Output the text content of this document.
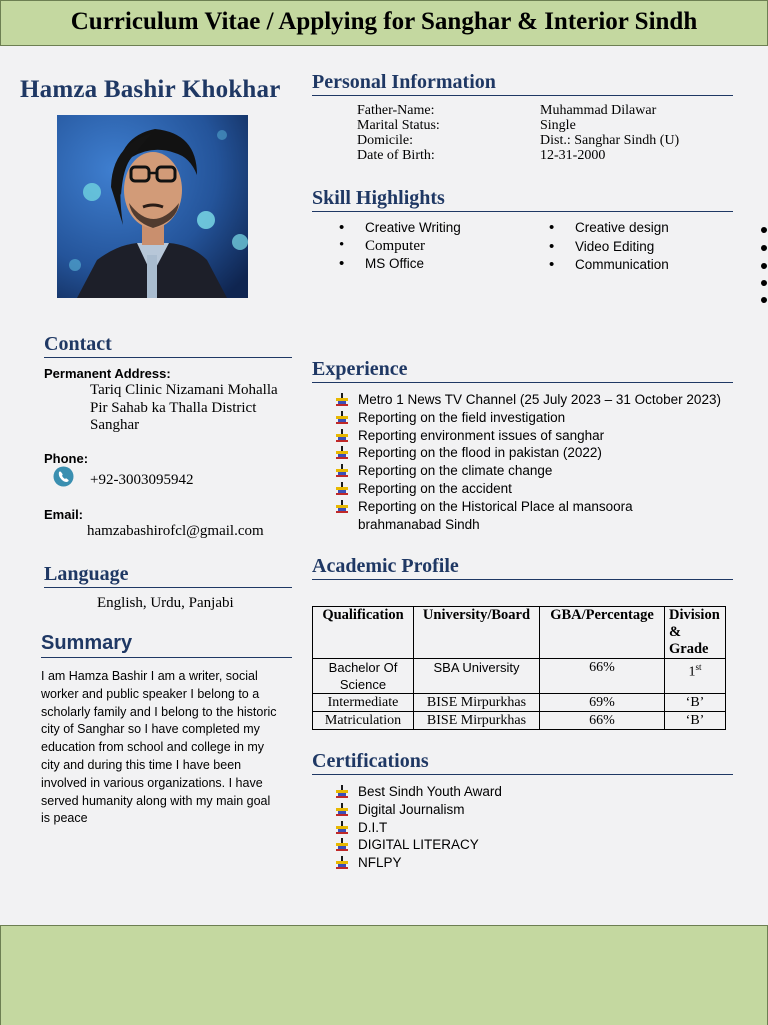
Curriculum Vitae / Applying for Sanghar & Interior Sindh
Hamza Bashir Khokhar
Contact
Permanent Address:
Tariq Clinic Nizamani Mohalla
Pir Sahab ka Thalla District
Sanghar
Phone:
+92-3003095942
Email:
hamzabashirofcl@gmail.com
Language
English, Urdu, Panjabi
Summary
I am Hamza Bashir I am a writer, social
worker and public speaker I belong to a
scholarly family and I belong to the historic
city of Sanghar so I have completed my
education from school and college in my
city and during this time I have been
involved in various organizations. I have
served humanity along with my main goal
is peace
Personal Information
Father-Name:	Muhammad Dilawar
Marital Status:	Single
Domicile:	Dist.: Sanghar Sindh (U)
Date of Birth:	12-31-2000
Skill Highlights
• Creative Writing
• Computer
• MS Office
• Creative design
• Video Editing
• Communication
Experience
Metro 1 News TV Channel (25 July 2023 – 31 October 2023)
Reporting on the field investigation
Reporting environment issues of sanghar
Reporting on the flood in pakistan (2022)
Reporting on the climate change
Reporting on the accident
Reporting on the Historical Place al mansoora
brahmanabad Sindh
Academic Profile
Qualification	University/Board	GBA/Percentage	Division & Grade
Bachelor Of Science	SBA University	66%	1st
Intermediate	BISE Mirpurkhas	69%	‘B’
Matriculation	BISE Mirpurkhas	66%	‘B’
Certifications
Best Sindh Youth Award
Digital Journalism
D.I.T
DIGITAL LITERACY
NFLPY
